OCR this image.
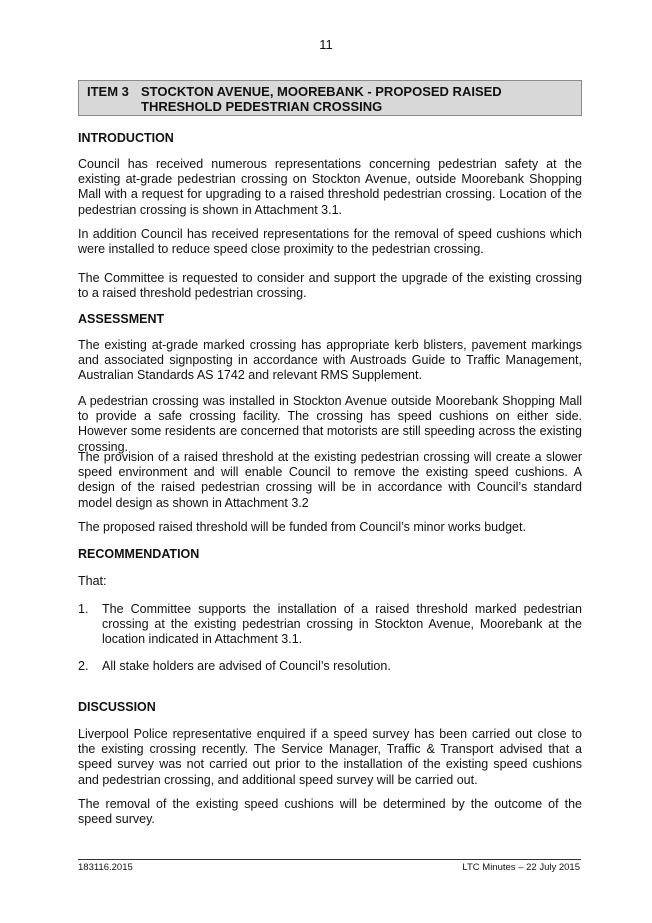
11
ITEM 3 STOCKTON AVENUE, MOOREBANK - PROPOSED RAISED THRESHOLD PEDESTRIAN CROSSING
INTRODUCTION

Council has received numerous representations concerning pedestrian safety at the existing at-grade pedestrian crossing on Stockton Avenue, outside Moorebank Shopping Mall with a request for upgrading to a raised threshold pedestrian crossing. Location of the pedestrian crossing is shown in Attachment 3.1.

In addition Council has received representations for the removal of speed cushions which were installed to reduce speed close proximity to the pedestrian crossing.

The Committee is requested to consider and support the upgrade of the existing crossing to a raised threshold pedestrian crossing.

ASSESSMENT

The existing at-grade marked crossing has appropriate kerb blisters, pavement markings and associated signposting in accordance with Austroads Guide to Traffic Management, Australian Standards AS 1742 and relevant RMS Supplement.

A pedestrian crossing was installed in Stockton Avenue outside Moorebank Shopping Mall to provide a safe crossing facility. The crossing has speed cushions on either side. However some residents are concerned that motorists are still speeding across the existing crossing.

The provision of a raised threshold at the existing pedestrian crossing will create a slower speed environment and will enable Council to remove the existing speed cushions. A design of the raised pedestrian crossing will be in accordance with Council’s standard model design as shown in Attachment 3.2

The proposed raised threshold will be funded from Council’s minor works budget.

RECOMMENDATION

That:

1. The Committee supports the installation of a raised threshold marked pedestrian crossing at the existing pedestrian crossing in Stockton Avenue, Moorebank at the location indicated in Attachment 3.1.
2. All stake holders are advised of Council’s resolution.
DISCUSSION

Liverpool Police representative enquired if a speed survey has been carried out close to the existing crossing recently. The Service Manager, Traffic & Transport advised that a speed survey was not carried out prior to the installation of the existing speed cushions and pedestrian crossing, and additional speed survey will be carried out.

The removal of the existing speed cushions will be determined by the outcome of the speed survey.

183116.2015	LTC Minutes – 22 July 2015
